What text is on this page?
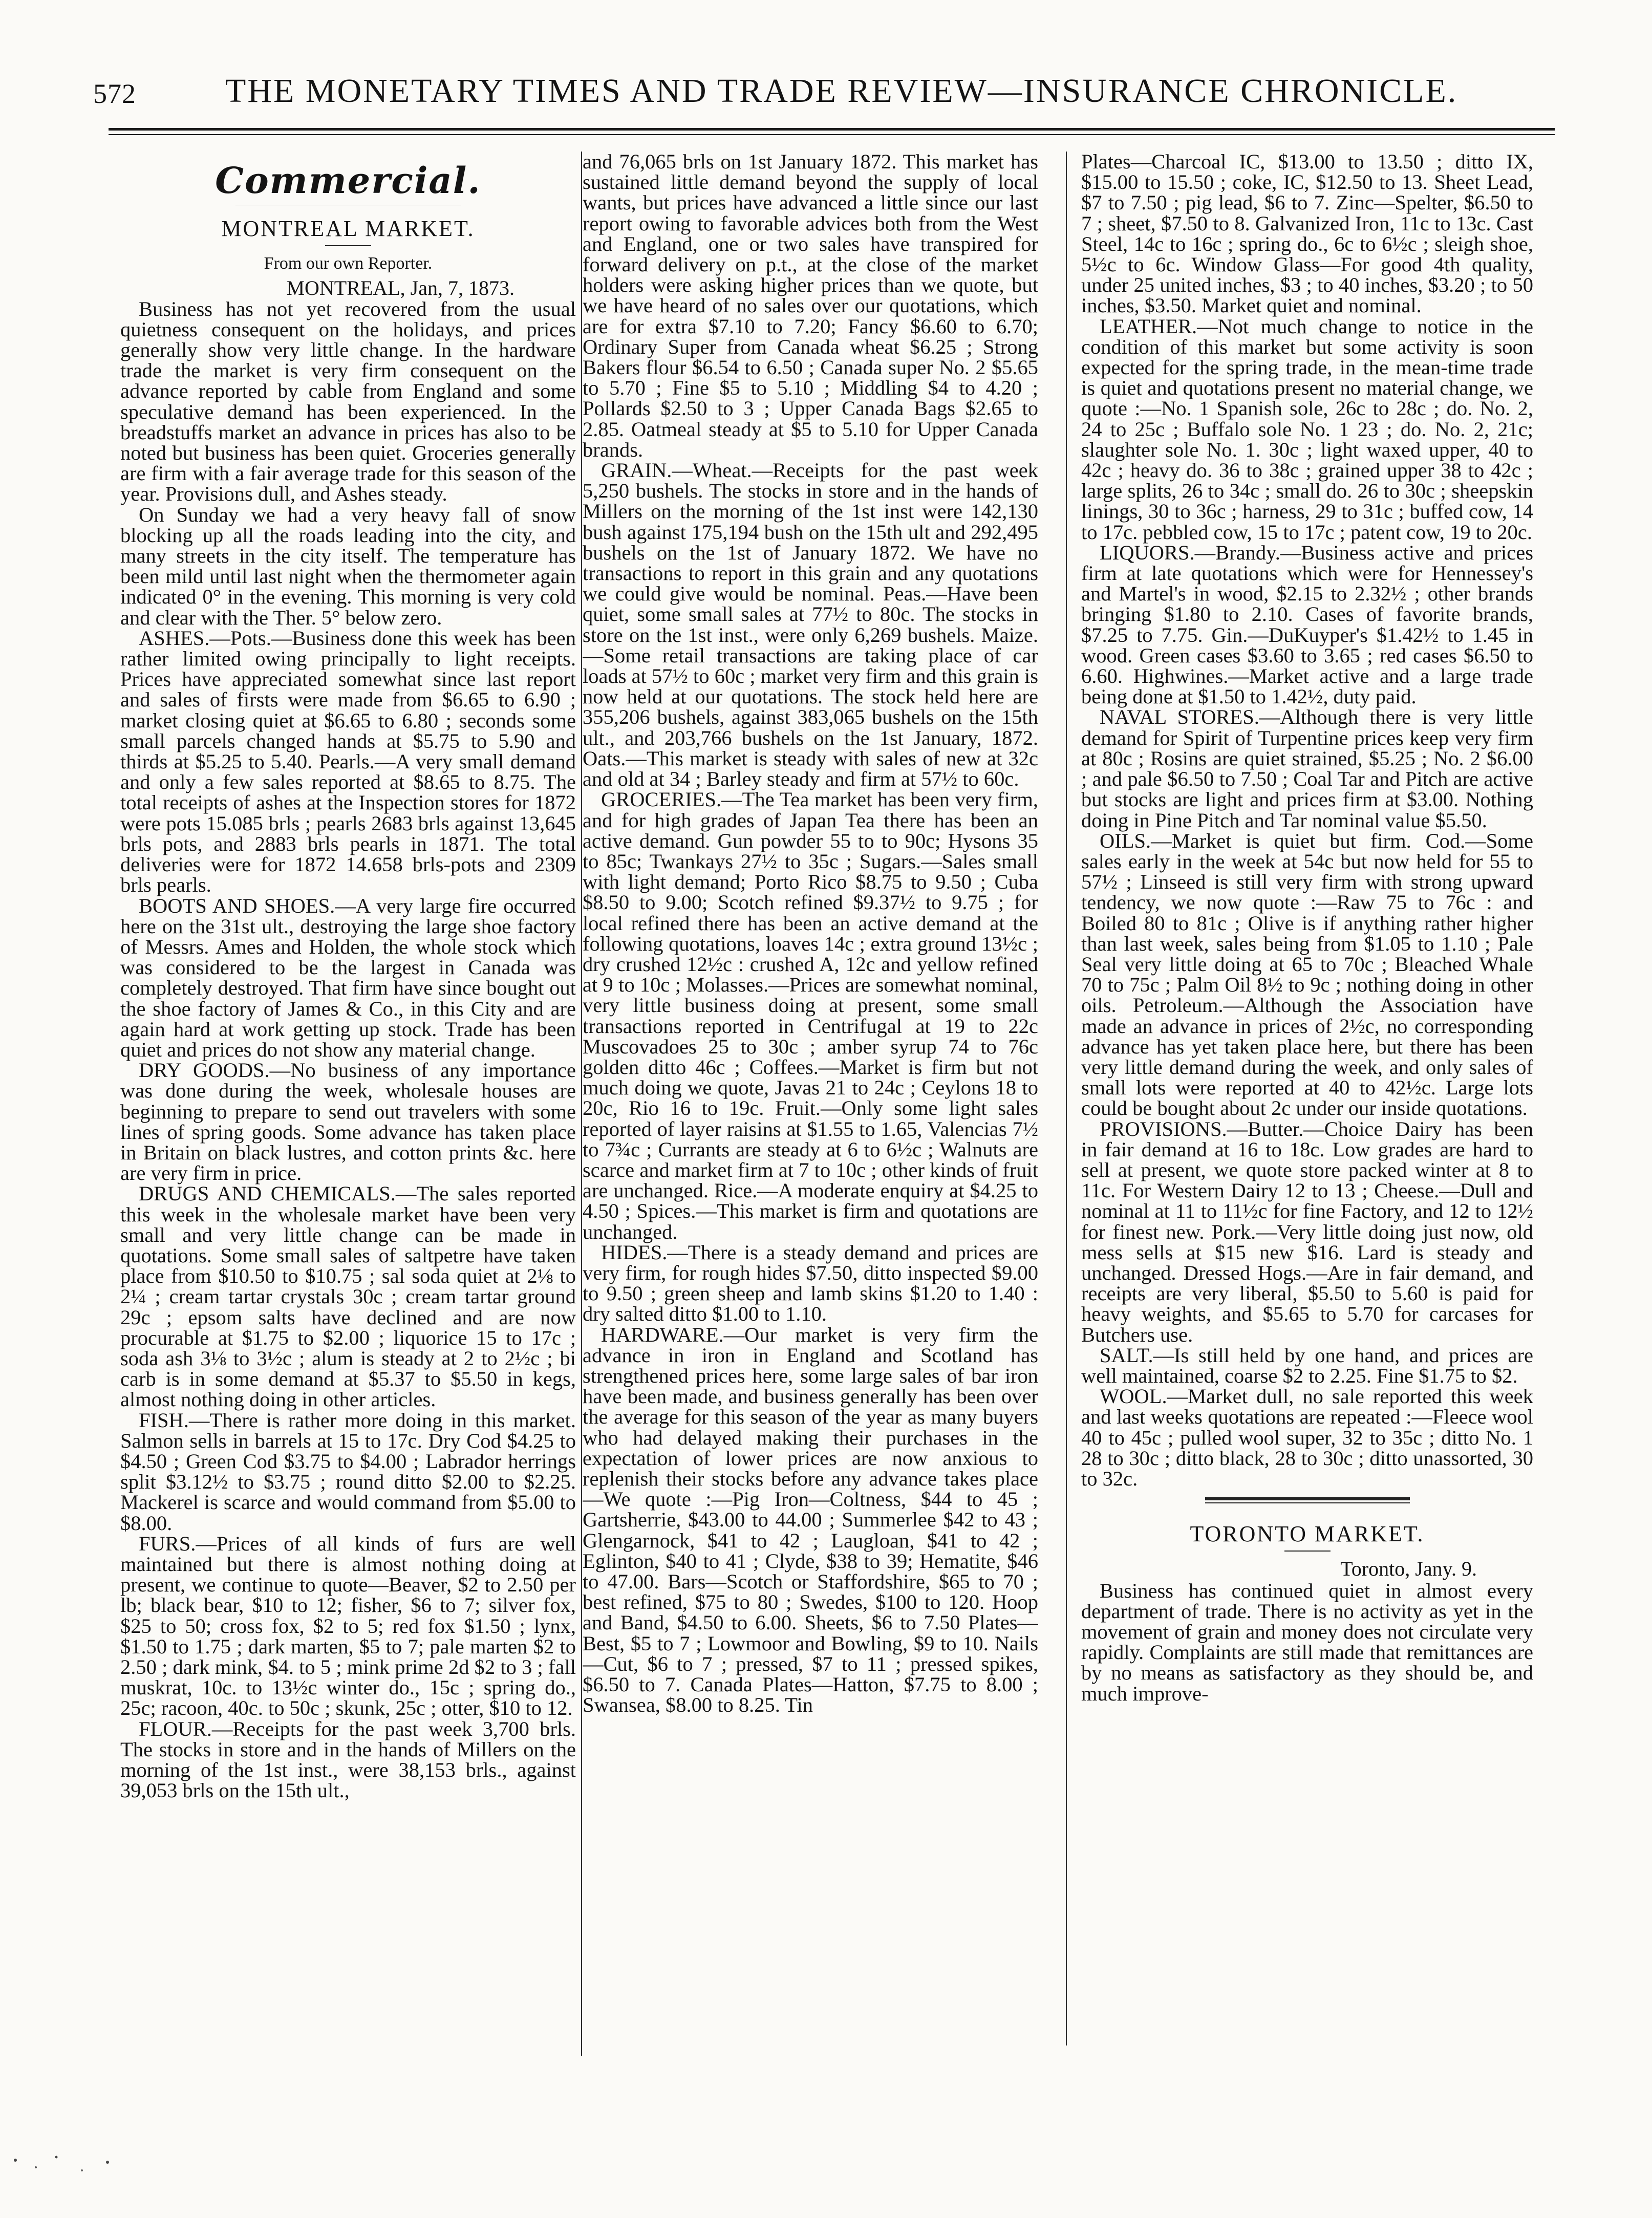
572	THE MONETARY TIMES AND TRADE REVIEW—INSURANCE CHRONICLE.
Commercial.
MONTREAL MARKET.
From our own Reporter.
MONTREAL, Jan, 7, 1873.

Business has not yet recovered from the usual quietness consequent on the holidays, and prices generally show very little change. In the hardware trade the market is very firm consequent on the advance reported by cable from England and some speculative demand has been experienced. In the breadstuffs market an advance in prices has also to be noted but business has been quiet. Groceries generally are firm with a fair average trade for this season of the year. Provisions dull, and Ashes steady.

On Sunday we had a very heavy fall of snow blocking up all the roads leading into the city, and many streets in the city itself. The temperature has been mild until last night when the thermometer again indicated 0° in the evening. This morning is very cold and clear with the Ther. 5° below zero.

ASHES.—Pots.—Business done this week has been rather limited owing principally to light receipts. Prices have appreciated somewhat since last report and sales of firsts were made from $6.65 to 6.90 ; market closing quiet at $6.65 to 6.80 ; seconds some small parcels changed hands at $5.75 to 5.90 and thirds at $5.25 to 5.40. Pearls.—A very small demand and only a few sales reported at $8.65 to 8.75. The total receipts of ashes at the Inspection stores for 1872 were pots 15.085 brls ; pearls 2683 brls against 13,645 brls pots, and 2883 brls pearls in 1871. The total deliveries were for 1872 14.658 brls-pots and 2309 brls pearls.

BOOTS AND SHOES.—A very large fire occurred here on the 31st ult., destroying the large shoe factory of Messrs. Ames and Holden, the whole stock which was considered to be the largest in Canada was completely destroyed. That firm have since bought out the shoe factory of James & Co., in this City and are again hard at work getting up stock. Trade has been quiet and prices do not show any material change.

DRY GOODS.—No business of any importance was done during the week, wholesale houses are beginning to prepare to send out travelers with some lines of spring goods. Some advance has taken place in Britain on black lustres, and cotton prints &c. here are very firm in price.

DRUGS AND CHEMICALS.—The sales reported this week in the wholesale market have been very small and very little change can be made in quotations. Some small sales of saltpetre have taken place from $10.50 to $10.75 ; sal soda quiet at 2⅛ to 2¼ ; cream tartar crystals 30c ; cream tartar ground 29c ; epsom salts have declined and are now procurable at $1.75 to $2.00 ; liquorice 15 to 17c ; soda ash 3⅛ to 3½c ; alum is steady at 2 to 2½c ; bi carb is in some demand at $5.37 to $5.50 in kegs, almost nothing doing in other articles.

FISH.—There is rather more doing in this market. Salmon sells in barrels at 15 to 17c. Dry Cod $4.25 to $4.50 ; Green Cod $3.75 to $4.00 ; Labrador herrings split $3.12½ to $3.75 ; round ditto $2.00 to $2.25. Mackerel is scarce and would command from $5.00 to $8.00.

FURS.—Prices of all kinds of furs are well maintained but there is almost nothing doing at present, we continue to quote—Beaver, $2 to 2.50 per lb; black bear, $10 to 12; fisher, $6 to 7; silver fox, $25 to 50; cross fox, $2 to 5; red fox $1.50 ; lynx, $1.50 to 1.75 ; dark marten, $5 to 7; pale marten $2 to 2.50 ; dark mink, $4. to 5 ; mink prime 2d $2 to 3 ; fall muskrat, 10c. to 13½c winter do., 15c ; spring do., 25c; racoon, 40c. to 50c ; skunk, 25c ; otter, $10 to 12.

FLOUR.—Receipts for the past week 3,700 brls. The stocks in store and in the hands of Millers on the morning of the 1st inst., were 38,153 brls., against 39,053 brls on the 15th ult.,

and 76,065 brls on 1st January 1872. This market has sustained little demand beyond the supply of local wants, but prices have advanced a little since our last report owing to favorable advices both from the West and England, one or two sales have transpired for forward delivery on p.t., at the close of the market holders were asking higher prices than we quote, but we have heard of no sales over our quotations, which are for extra $7.10 to 7.20; Fancy $6.60 to 6.70; Ordinary Super from Canada wheat $6.25 ; Strong Bakers flour $6.54 to 6.50 ; Canada super No. 2 $5.65 to 5.70 ; Fine $5 to 5.10 ; Middling $4 to 4.20 ; Pollards $2.50 to 3 ; Upper Canada Bags $2.65 to 2.85. Oatmeal steady at $5 to 5.10 for Upper Canada brands.

GRAIN.—Wheat.—Receipts for the past week 5,250 bushels. The stocks in store and in the hands of Millers on the morning of the 1st inst were 142,130 bush against 175,194 bush on the 15th ult and 292,495 bushels on the 1st of January 1872. We have no transactions to report in this grain and any quotations we could give would be nominal. Peas.—Have been quiet, some small sales at 77½ to 80c. The stocks in store on the 1st inst., were only 6,269 bushels. Maize.—Some retail transactions are taking place of car loads at 57½ to 60c ; market very firm and this grain is now held at our quotations. The stock held here are 355,206 bushels, against 383,065 bushels on the 15th ult., and 203,766 bushels on the 1st January, 1872. Oats.—This market is steady with sales of new at 32c and old at 34 ; Barley steady and firm at 57½ to 60c.

GROCERIES.—The Tea market has been very firm, and for high grades of Japan Tea there has been an active demand. Gun powder 55 to to 90c; Hysons 35 to 85c; Twankays 27½ to 35c ; Sugars.—Sales small with light demand; Porto Rico $8.75 to 9.50 ; Cuba $8.50 to 9.00; Scotch refined $9.37½ to 9.75 ; for local refined there has been an active demand at the following quotations, loaves 14c ; extra ground 13½c ; dry crushed 12½c : crushed A, 12c and yellow refined at 9 to 10c ; Molasses.—Prices are somewhat nominal, very little business doing at present, some small transactions reported in Centrifugal at 19 to 22c Muscovadoes 25 to 30c ; amber syrup 74 to 76c golden ditto 46c ; Coffees.—Market is firm but not much doing we quote, Javas 21 to 24c ; Ceylons 18 to 20c, Rio 16 to 19c. Fruit.—Only some light sales reported of layer raisins at $1.55 to 1.65, Valencias 7½ to 7¾c ; Currants are steady at 6 to 6½c ; Walnuts are scarce and market firm at 7 to 10c ; other kinds of fruit are unchanged. Rice.—A moderate enquiry at $4.25 to 4.50 ; Spices.—This market is firm and quotations are unchanged.

HIDES.—There is a steady demand and prices are very firm, for rough hides $7.50, ditto inspected $9.00 to 9.50 ; green sheep and lamb skins $1.20 to 1.40 : dry salted ditto $1.00 to 1.10.

HARDWARE.—Our market is very firm the advance in iron in England and Scotland has strengthened prices here, some large sales of bar iron have been made, and business generally has been over the average for this season of the year as many buyers who had delayed making their purchases in the expectation of lower prices are now anxious to replenish their stocks before any advance takes place—We quote :—Pig Iron—Coltness, $44 to 45 ; Gartsherrie, $43.00 to 44.00 ; Summerlee $42 to 43 ; Glengarnock, $41 to 42 ; Laugloan, $41 to 42 ; Eglinton, $40 to 41 ; Clyde, $38 to 39; Hematite, $46 to 47.00. Bars—Scotch or Staffordshire, $65 to 70 ; best refined, $75 to 80 ; Swedes, $100 to 120. Hoop and Band, $4.50 to 6.00. Sheets, $6 to 7.50 Plates—Best, $5 to 7 ; Lowmoor and Bowling, $9 to 10. Nails—Cut, $6 to 7 ; pressed, $7 to 11 ; pressed spikes, $6.50 to 7. Canada Plates—Hatton, $7.75 to 8.00 ; Swansea, $8.00 to 8.25. Tin

Plates—Charcoal IC, $13.00 to 13.50 ; ditto IX, $15.00 to 15.50 ; coke, IC, $12.50 to 13. Sheet Lead, $7 to 7.50 ; pig lead, $6 to 7. Zinc—Spelter, $6.50 to 7 ; sheet, $7.50 to 8. Galvanized Iron, 11c to 13c. Cast Steel, 14c to 16c ; spring do., 6c to 6½c ; sleigh shoe, 5½c to 6c. Window Glass—For good 4th quality, under 25 united inches, $3 ; to 40 inches, $3.20 ; to 50 inches, $3.50. Market quiet and nominal.

LEATHER.—Not much change to notice in the condition of this market but some activity is soon expected for the spring trade, in the mean-time trade is quiet and quotations present no material change, we quote :—No. 1 Spanish sole, 26c to 28c ; do. No. 2, 24 to 25c ; Buffalo sole No. 1 23 ; do. No. 2, 21c; slaughter sole No. 1. 30c ; light waxed upper, 40 to 42c ; heavy do. 36 to 38c ; grained upper 38 to 42c ; large splits, 26 to 34c ; small do. 26 to 30c ; sheepskin linings, 30 to 36c ; harness, 29 to 31c ; buffed cow, 14 to 17c. pebbled cow, 15 to 17c ; patent cow, 19 to 20c.

LIQUORS.—Brandy.—Business active and prices firm at late quotations which were for Hennessey's and Martel's in wood, $2.15 to 2.32½ ; other brands bringing $1.80 to 2.10. Cases of favorite brands, $7.25 to 7.75. Gin.—DuKuyper's $1.42½ to 1.45 in wood. Green cases $3.60 to 3.65 ; red cases $6.50 to 6.60. Highwines.—Market active and a large trade being done at $1.50 to 1.42½, duty paid.

NAVAL STORES.—Although there is very little demand for Spirit of Turpentine prices keep very firm at 80c ; Rosins are quiet strained, $5.25 ; No. 2 $6.00 ; and pale $6.50 to 7.50 ; Coal Tar and Pitch are active but stocks are light and prices firm at $3.00. Nothing doing in Pine Pitch and Tar nominal value $5.50.

OILS.—Market is quiet but firm. Cod.—Some sales early in the week at 54c but now held for 55 to 57½ ; Linseed is still very firm with strong upward tendency, we now quote :—Raw 75 to 76c : and Boiled 80 to 81c ; Olive is if anything rather higher than last week, sales being from $1.05 to 1.10 ; Pale Seal very little doing at 65 to 70c ; Bleached Whale 70 to 75c ; Palm Oil 8½ to 9c ; nothing doing in other oils. Petroleum.—Although the Association have made an advance in prices of 2½c, no corresponding advance has yet taken place here, but there has been very little demand during the week, and only sales of small lots were reported at 40 to 42½c. Large lots could be bought about 2c under our inside quotations.

PROVISIONS.—Butter.—Choice Dairy has been in fair demand at 16 to 18c. Low grades are hard to sell at present, we quote store packed winter at 8 to 11c. For Western Dairy 12 to 13 ; Cheese.—Dull and nominal at 11 to 11½c for fine Factory, and 12 to 12½ for finest new. Pork.—Very little doing just now, old mess sells at $15 new $16. Lard is steady and unchanged. Dressed Hogs.—Are in fair demand, and receipts are very liberal, $5.50 to 5.60 is paid for heavy weights, and $5.65 to 5.70 for carcases for Butchers use.

SALT.—Is still held by one hand, and prices are well maintained, coarse $2 to 2.25. Fine $1.75 to $2.

WOOL.—Market dull, no sale reported this week and last weeks quotations are repeated :—Fleece wool 40 to 45c ; pulled wool super, 32 to 35c ; ditto No. 1 28 to 30c ; ditto black, 28 to 30c ; ditto unassorted, 30 to 32c.

TORONTO MARKET.
Toronto, Jany. 9.

Business has continued quiet in almost every department of trade. There is no activity as yet in the movement of grain and money does not circulate very rapidly. Complaints are still made that remittances are by no means as satisfactory as they should be, and much improve-
